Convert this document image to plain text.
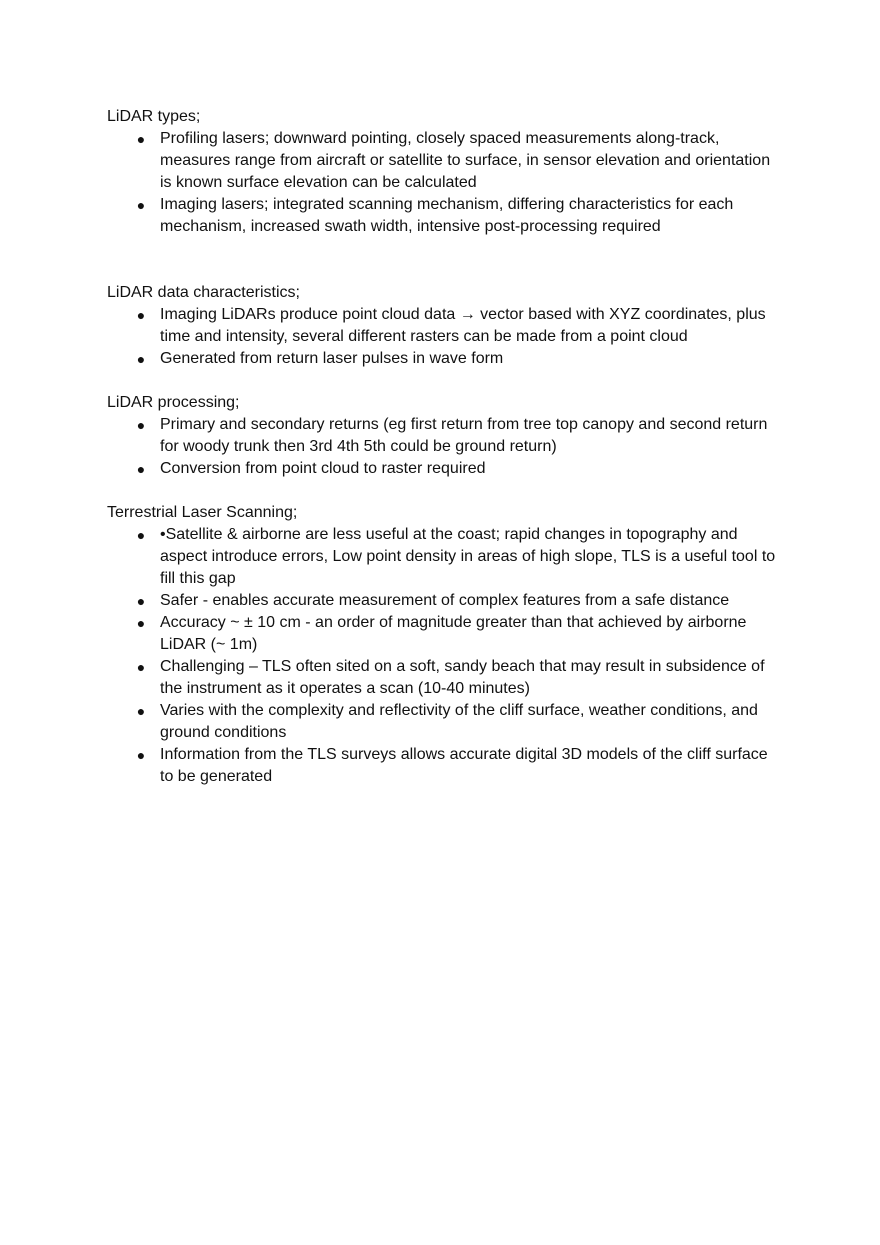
LiDAR types;

● Profiling lasers; downward pointing, closely spaced measurements along-track, measures range from aircraft or satellite to surface, in sensor elevation and orientation is known surface elevation can be calculated
● Imaging lasers; integrated scanning mechanism, differing characteristics for each mechanism, increased swath width, intensive post-processing required

LiDAR data characteristics;

● Imaging LiDARs produce point cloud data → vector based with XYZ coordinates, plus time and intensity, several different rasters can be made from a point cloud
● Generated from return laser pulses in wave form

LiDAR processing;

● Primary and secondary returns (eg first return from tree top canopy and second return for woody trunk then 3rd 4th 5th could be ground return)
● Conversion from point cloud to raster required

Terrestrial Laser Scanning;

● •Satellite & airborne are less useful at the coast; rapid changes in topography and aspect introduce errors, Low point density in areas of high slope, TLS is a useful tool to fill this gap
● Safer - enables accurate measurement of complex features from a safe distance
● Accuracy ~ ± 10 cm - an order of magnitude greater than that achieved by airborne LiDAR (~ 1m)
● Challenging – TLS often sited on a soft, sandy beach that may result in subsidence of the instrument as it operates a scan (10-40 minutes)
● Varies with the complexity and reflectivity of the cliff surface, weather conditions, and ground conditions
● Information from the TLS surveys allows accurate digital 3D models of the cliff surface to be generated
